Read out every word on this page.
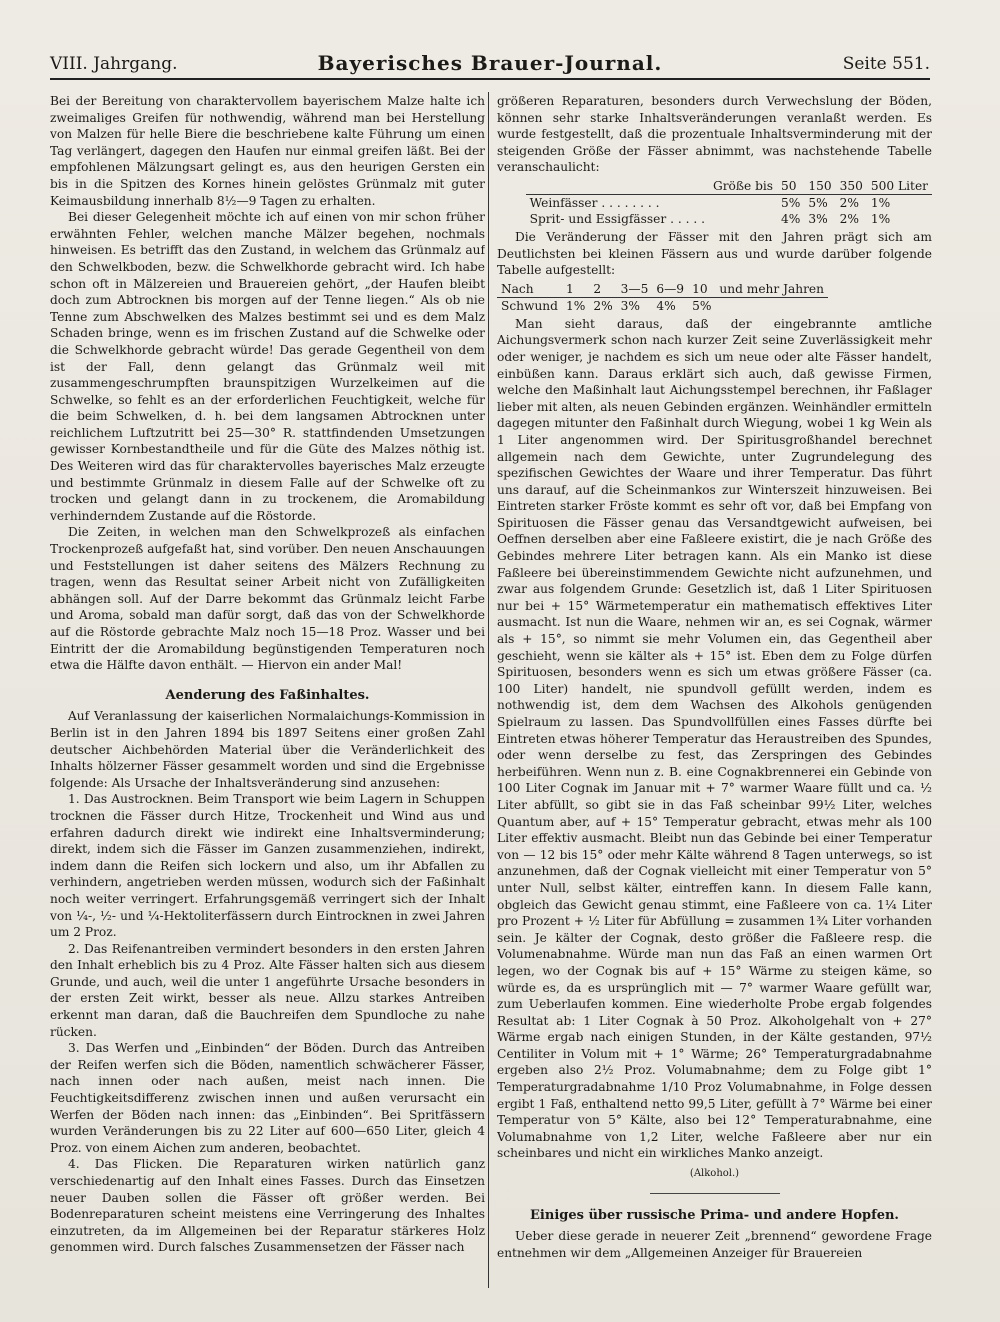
VIII. Jahrgang.	Bayerisches Brauer-Journal.	Seite 551.

Bei der Bereitung von charaktervollem bayerischem Malze halte ich zweimaliges Greifen für nothwendig, während man bei Herstellung von Malzen für helle Biere die beschriebene kalte Führung um einen Tag verlängert, dagegen den Haufen nur einmal greifen läßt. Bei der empfohlenen Mälzungsart gelingt es, aus den heurigen Gersten ein bis in die Spitzen des Kornes hinein gelöstes Grünmalz mit guter Keimausbildung innerhalb 8½—9 Tagen zu erhalten.

Bei dieser Gelegenheit möchte ich auf einen von mir schon früher erwähnten Fehler, welchen manche Mälzer begehen, nochmals hinweisen. Es betrifft das den Zustand, in welchem das Grünmalz auf den Schwelkboden, bezw. die Schwelkhorde gebracht wird. Ich habe schon oft in Mälzereien und Brauereien gehört, „der Haufen bleibt doch zum Abtrocknen bis morgen auf der Tenne liegen.“ Als ob nie Tenne zum Abschwelken des Malzes bestimmt sei und es dem Malz Schaden bringe, wenn es im frischen Zustand auf die Schwelke oder die Schwelkhorde gebracht würde! Das gerade Gegentheil von dem ist der Fall, denn gelangt das Grünmalz weil mit zusammengeschrumpften braunspitzigen Wurzelkeimen auf die Schwelke, so fehlt es an der erforderlichen Feuchtigkeit, welche für die beim Schwelken, d. h. bei dem langsamen Abtrocknen unter reichlichem Luftzutritt bei 25—30° R. stattfindenden Umsetzungen gewisser Kornbestandtheile und für die Güte des Malzes nöthig ist. Des Weiteren wird das für charaktervolles bayerisches Malz erzeugte und bestimmte Grünmalz in diesem Falle auf der Schwelke oft zu trocken und gelangt dann in zu trockenem, die Aromabildung verhinderndem Zustande auf die Röstorde.

Die Zeiten, in welchen man den Schwelkprozeß als einfachen Trockenprozeß aufgefaßt hat, sind vorüber. Den neuen Anschauungen und Feststellungen ist daher seitens des Mälzers Rechnung zu tragen, wenn das Resultat seiner Arbeit nicht von Zufälligkeiten abhängen soll. Auf der Darre bekommt das Grünmalz leicht Farbe und Aroma, sobald man dafür sorgt, daß das von der Schwelkhorde auf die Röstorde gebrachte Malz noch 15—18 Proz. Wasser und bei Eintritt der die Aromabildung begünstigenden Temperaturen noch etwa die Hälfte davon enthält. — Hiervon ein ander Mal!

Aenderung des Faßinhaltes.

Auf Veranlassung der kaiserlichen Normalaichungs-Kommission in Berlin ist in den Jahren 1894 bis 1897 Seitens einer großen Zahl deutscher Aichbehörden Material über die Veränderlichkeit des Inhalts hölzerner Fässer gesammelt worden und sind die Ergebnisse folgende: Als Ursache der Inhaltsveränderung sind anzusehen:

1. Das Austrocknen. Beim Transport wie beim Lagern in Schuppen trocknen die Fässer durch Hitze, Trockenheit und Wind aus und erfahren dadurch direkt wie indirekt eine Inhaltsverminderung; direkt, indem sich die Fässer im Ganzen zusammenziehen, indirekt, indem dann die Reifen sich lockern und also, um ihr Abfallen zu verhindern, angetrieben werden müssen, wodurch sich der Faßinhalt noch weiter verringert. Erfahrungsgemäß verringert sich der Inhalt von ¼-, ½- und ¼-Hektoliterfässern durch Eintrocknen in zwei Jahren um 2 Proz.

2. Das Reifenantreiben vermindert besonders in den ersten Jahren den Inhalt erheblich bis zu 4 Proz. Alte Fässer halten sich aus diesem Grunde, und auch, weil die unter 1 angeführte Ursache besonders in der ersten Zeit wirkt, besser als neue. Allzu starkes Antreiben erkennt man daran, daß die Bauchreifen dem Spundloche zu nahe rücken.

3. Das Werfen und „Einbinden“ der Böden. Durch das Antreiben der Reifen werfen sich die Böden, namentlich schwächerer Fässer, nach innen oder nach außen, meist nach innen. Die Feuchtigkeitsdifferenz zwischen innen und außen verursacht ein Werfen der Böden nach innen: das „Einbinden“. Bei Spritfässern wurden Veränderungen bis zu 22 Liter auf 600—650 Liter, gleich 4 Proz. von einem Aichen zum anderen, beobachtet.

4. Das Flicken. Die Reparaturen wirken natürlich ganz verschiedenartig auf den Inhalt eines Fasses. Durch das Einsetzen neuer Dauben sollen die Fässer oft größer werden. Bei Bodenreparaturen scheint meistens eine Verringerung des Inhaltes einzutreten, da im Allgemeinen bei der Reparatur stärkeres Holz genommen wird. Durch falsches Zusammensetzen der Fässer nach

größeren Reparaturen, besonders durch Verwechslung der Böden, können sehr starke Inhaltsveränderungen veranlaßt werden. Es wurde festgestellt, daß die prozentuale Inhaltsverminderung mit der steigenden Größe der Fässer abnimmt, was nachstehende Tabelle veranschaulicht:

	Größe bis	50	150	350	500 Liter
Weinfässer . . . . . . . .		5%	5%	2%	1%
Sprit- und Essigfässer . . . . .		4%	3%	2%	1%

Die Veränderung der Fässer mit den Jahren prägt sich am Deutlichsten bei kleinen Fässern aus und wurde darüber folgende Tabelle aufgestellt:

Nach	1	2	3—5	6—9	10	und mehr Jahren
Schwund	1%	2%	3%	4%	5%	

Man sieht daraus, daß der eingebrannte amtliche Aichungsvermerk schon nach kurzer Zeit seine Zuverlässigkeit mehr oder weniger, je nachdem es sich um neue oder alte Fässer handelt, einbüßen kann. Daraus erklärt sich auch, daß gewisse Firmen, welche den Maßinhalt laut Aichungsstempel berechnen, ihr Faßlager lieber mit alten, als neuen Gebinden ergänzen. Weinhändler ermitteln dagegen mitunter den Faßinhalt durch Wiegung, wobei 1 kg Wein als 1 Liter angenommen wird. Der Spiritusgroßhandel berechnet allgemein nach dem Gewichte, unter Zugrundelegung des spezifischen Gewichtes der Waare und ihrer Temperatur. Das führt uns darauf, auf die Scheinmankos zur Winterszeit hinzuweisen. Bei Eintreten starker Fröste kommt es sehr oft vor, daß bei Empfang von Spirituosen die Fässer genau das Versandtgewicht aufweisen, bei Oeffnen derselben aber eine Faßleere existirt, die je nach Größe des Gebindes mehrere Liter betragen kann. Als ein Manko ist diese Faßleere bei übereinstimmendem Gewichte nicht aufzunehmen, und zwar aus folgendem Grunde: Gesetzlich ist, daß 1 Liter Spirituosen nur bei + 15° Wärmetemperatur ein mathematisch effektives Liter ausmacht. Ist nun die Waare, nehmen wir an, es sei Cognak, wärmer als + 15°, so nimmt sie mehr Volumen ein, das Gegentheil aber geschieht, wenn sie kälter als + 15° ist. Eben dem zu Folge dürfen Spirituosen, besonders wenn es sich um etwas größere Fässer (ca. 100 Liter) handelt, nie spundvoll gefüllt werden, indem es nothwendig ist, dem dem Wachsen des Alkohols genügenden Spielraum zu lassen. Das Spundvollfüllen eines Fasses dürfte bei Eintreten etwas höherer Temperatur das Heraustreiben des Spundes, oder wenn derselbe zu fest, das Zerspringen des Gebindes herbeiführen. Wenn nun z. B. eine Cognakbrennerei ein Gebinde von 100 Liter Cognak im Januar mit + 7° warmer Waare füllt und ca. ½ Liter abfüllt, so gibt sie in das Faß scheinbar 99½ Liter, welches Quantum aber, auf + 15° Temperatur gebracht, etwas mehr als 100 Liter effektiv ausmacht. Bleibt nun das Gebinde bei einer Temperatur von — 12 bis 15° oder mehr Kälte während 8 Tagen unterwegs, so ist anzunehmen, daß der Cognak vielleicht mit einer Temperatur von 5° unter Null, selbst kälter, eintreffen kann. In diesem Falle kann, obgleich das Gewicht genau stimmt, eine Faßleere von ca. 1¼ Liter pro Prozent + ½ Liter für Abfüllung = zusammen 1¾ Liter vorhanden sein. Je kälter der Cognak, desto größer die Faßleere resp. die Volumenabnahme. Würde man nun das Faß an einen warmen Ort legen, wo der Cognak bis auf + 15° Wärme zu steigen käme, so würde es, da es ursprünglich mit — 7° warmer Waare gefüllt war, zum Ueberlaufen kommen. Eine wiederholte Probe ergab folgendes Resultat ab: 1 Liter Cognak à 50 Proz. Alkoholgehalt von + 27° Wärme ergab nach einigen Stunden, in der Kälte gestanden, 97½ Centiliter in Volum mit + 1° Wärme; 26° Temperaturgradabnahme ergeben also 2½ Proz. Volumabnahme; dem zu Folge gibt 1° Temperaturgradabnahme 1/10 Proz Volumabnahme, in Folge dessen ergibt 1 Faß, enthaltend netto 99,5 Liter, gefüllt à 7° Wärme bei einer Temperatur von 5° Kälte, also bei 12° Temperaturabnahme, eine Volumabnahme von 1,2 Liter, welche Faßleere aber nur ein scheinbares und nicht ein wirkliches Manko anzeigt.

(Alkohol.)
Einiges über russische Prima- und andere Hopfen.

Ueber diese gerade in neuerer Zeit „brennend“ gewordene Frage entnehmen wir dem „Allgemeinen Anzeiger für Brauereien
